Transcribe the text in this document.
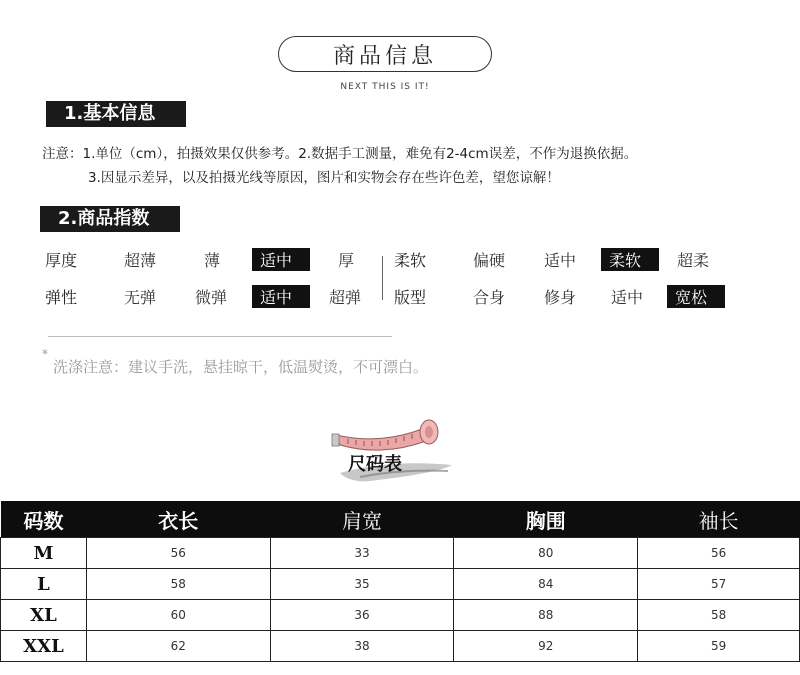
商品信息
NEXT THIS IS IT!
1.基本信息
注意：1.单位（cm），拍摄效果仅供参考。2.数据手工测量，难免有2-4cm误差，不作为退换依据。
3.因显示差异，以及拍摄光线等原因，图片和实物会存在些许色差，望您谅解！
2.商品指数
厚度	超薄	薄	适中	厚 柔软	偏硬 适中	柔软	超柔
弹性	无弹 微弹	适中	超弹 版型	合身 修身 适中	宽松
*
洗涤注意：建议手洗，悬挂晾干，低温熨烫，不可漂白。
尺码表
码数	衣长	肩宽	胸围	袖长
M	56	33	80	56
L	58	35	84	57
XL	60	36	88	58
XXL	62	38	92	59
